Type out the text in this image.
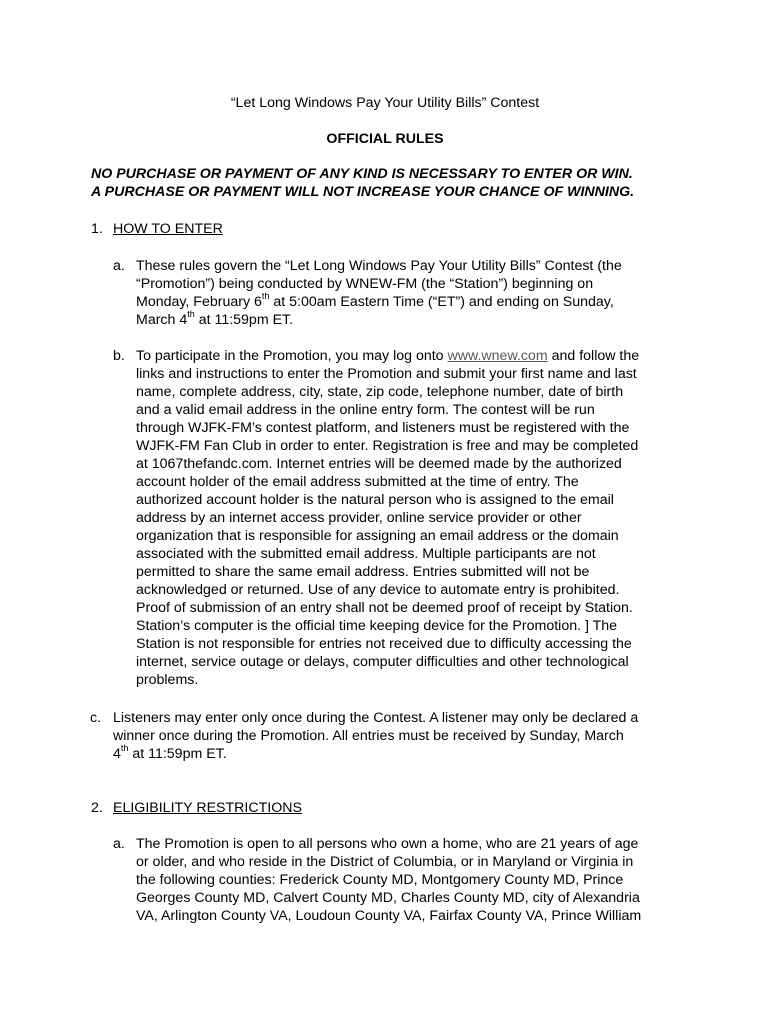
“Let Long Windows Pay Your Utility Bills” Contest
OFFICIAL RULES
NO PURCHASE OR PAYMENT OF ANY KIND IS NECESSARY TO ENTER OR WIN.
A PURCHASE OR PAYMENT WILL NOT INCREASE YOUR CHANCE OF WINNING.
1. HOW TO ENTER
a. These rules govern the “Let Long Windows Pay Your Utility Bills” Contest (the
“Promotion”) being conducted by WNEW-FM (the “Station”) beginning on
Monday, February 6th at 5:00am Eastern Time (“ET”) and ending on Sunday,
March 4th at 11:59pm ET.
b. To participate in the Promotion, you may log onto www.wnew.com and follow the
links and instructions to enter the Promotion and submit your first name and last
name, complete address, city, state, zip code, telephone number, date of birth
and a valid email address in the online entry form. The contest will be run
through WJFK-FM’s contest platform, and listeners must be registered with the
WJFK-FM Fan Club in order to enter. Registration is free and may be completed
at 1067thefandc.com. Internet entries will be deemed made by the authorized
account holder of the email address submitted at the time of entry. The
authorized account holder is the natural person who is assigned to the email
address by an internet access provider, online service provider or other
organization that is responsible for assigning an email address or the domain
associated with the submitted email address. Multiple participants are not
permitted to share the same email address. Entries submitted will not be
acknowledged or returned. Use of any device to automate entry is prohibited.
Proof of submission of an entry shall not be deemed proof of receipt by Station.
Station’s computer is the official time keeping device for the Promotion. ] The
Station is not responsible for entries not received due to difficulty accessing the
internet, service outage or delays, computer difficulties and other technological
problems.
c. Listeners may enter only once during the Contest. A listener may only be declared a
winner once during the Promotion. All entries must be received by Sunday, March
4th at 11:59pm ET.
2. ELIGIBILITY RESTRICTIONS
a. The Promotion is open to all persons who own a home, who are 21 years of age
or older, and who reside in the District of Columbia, or in Maryland or Virginia in
the following counties: Frederick County MD, Montgomery County MD, Prince
Georges County MD, Calvert County MD, Charles County MD, city of Alexandria
VA, Arlington County VA, Loudoun County VA, Fairfax County VA, Prince William
